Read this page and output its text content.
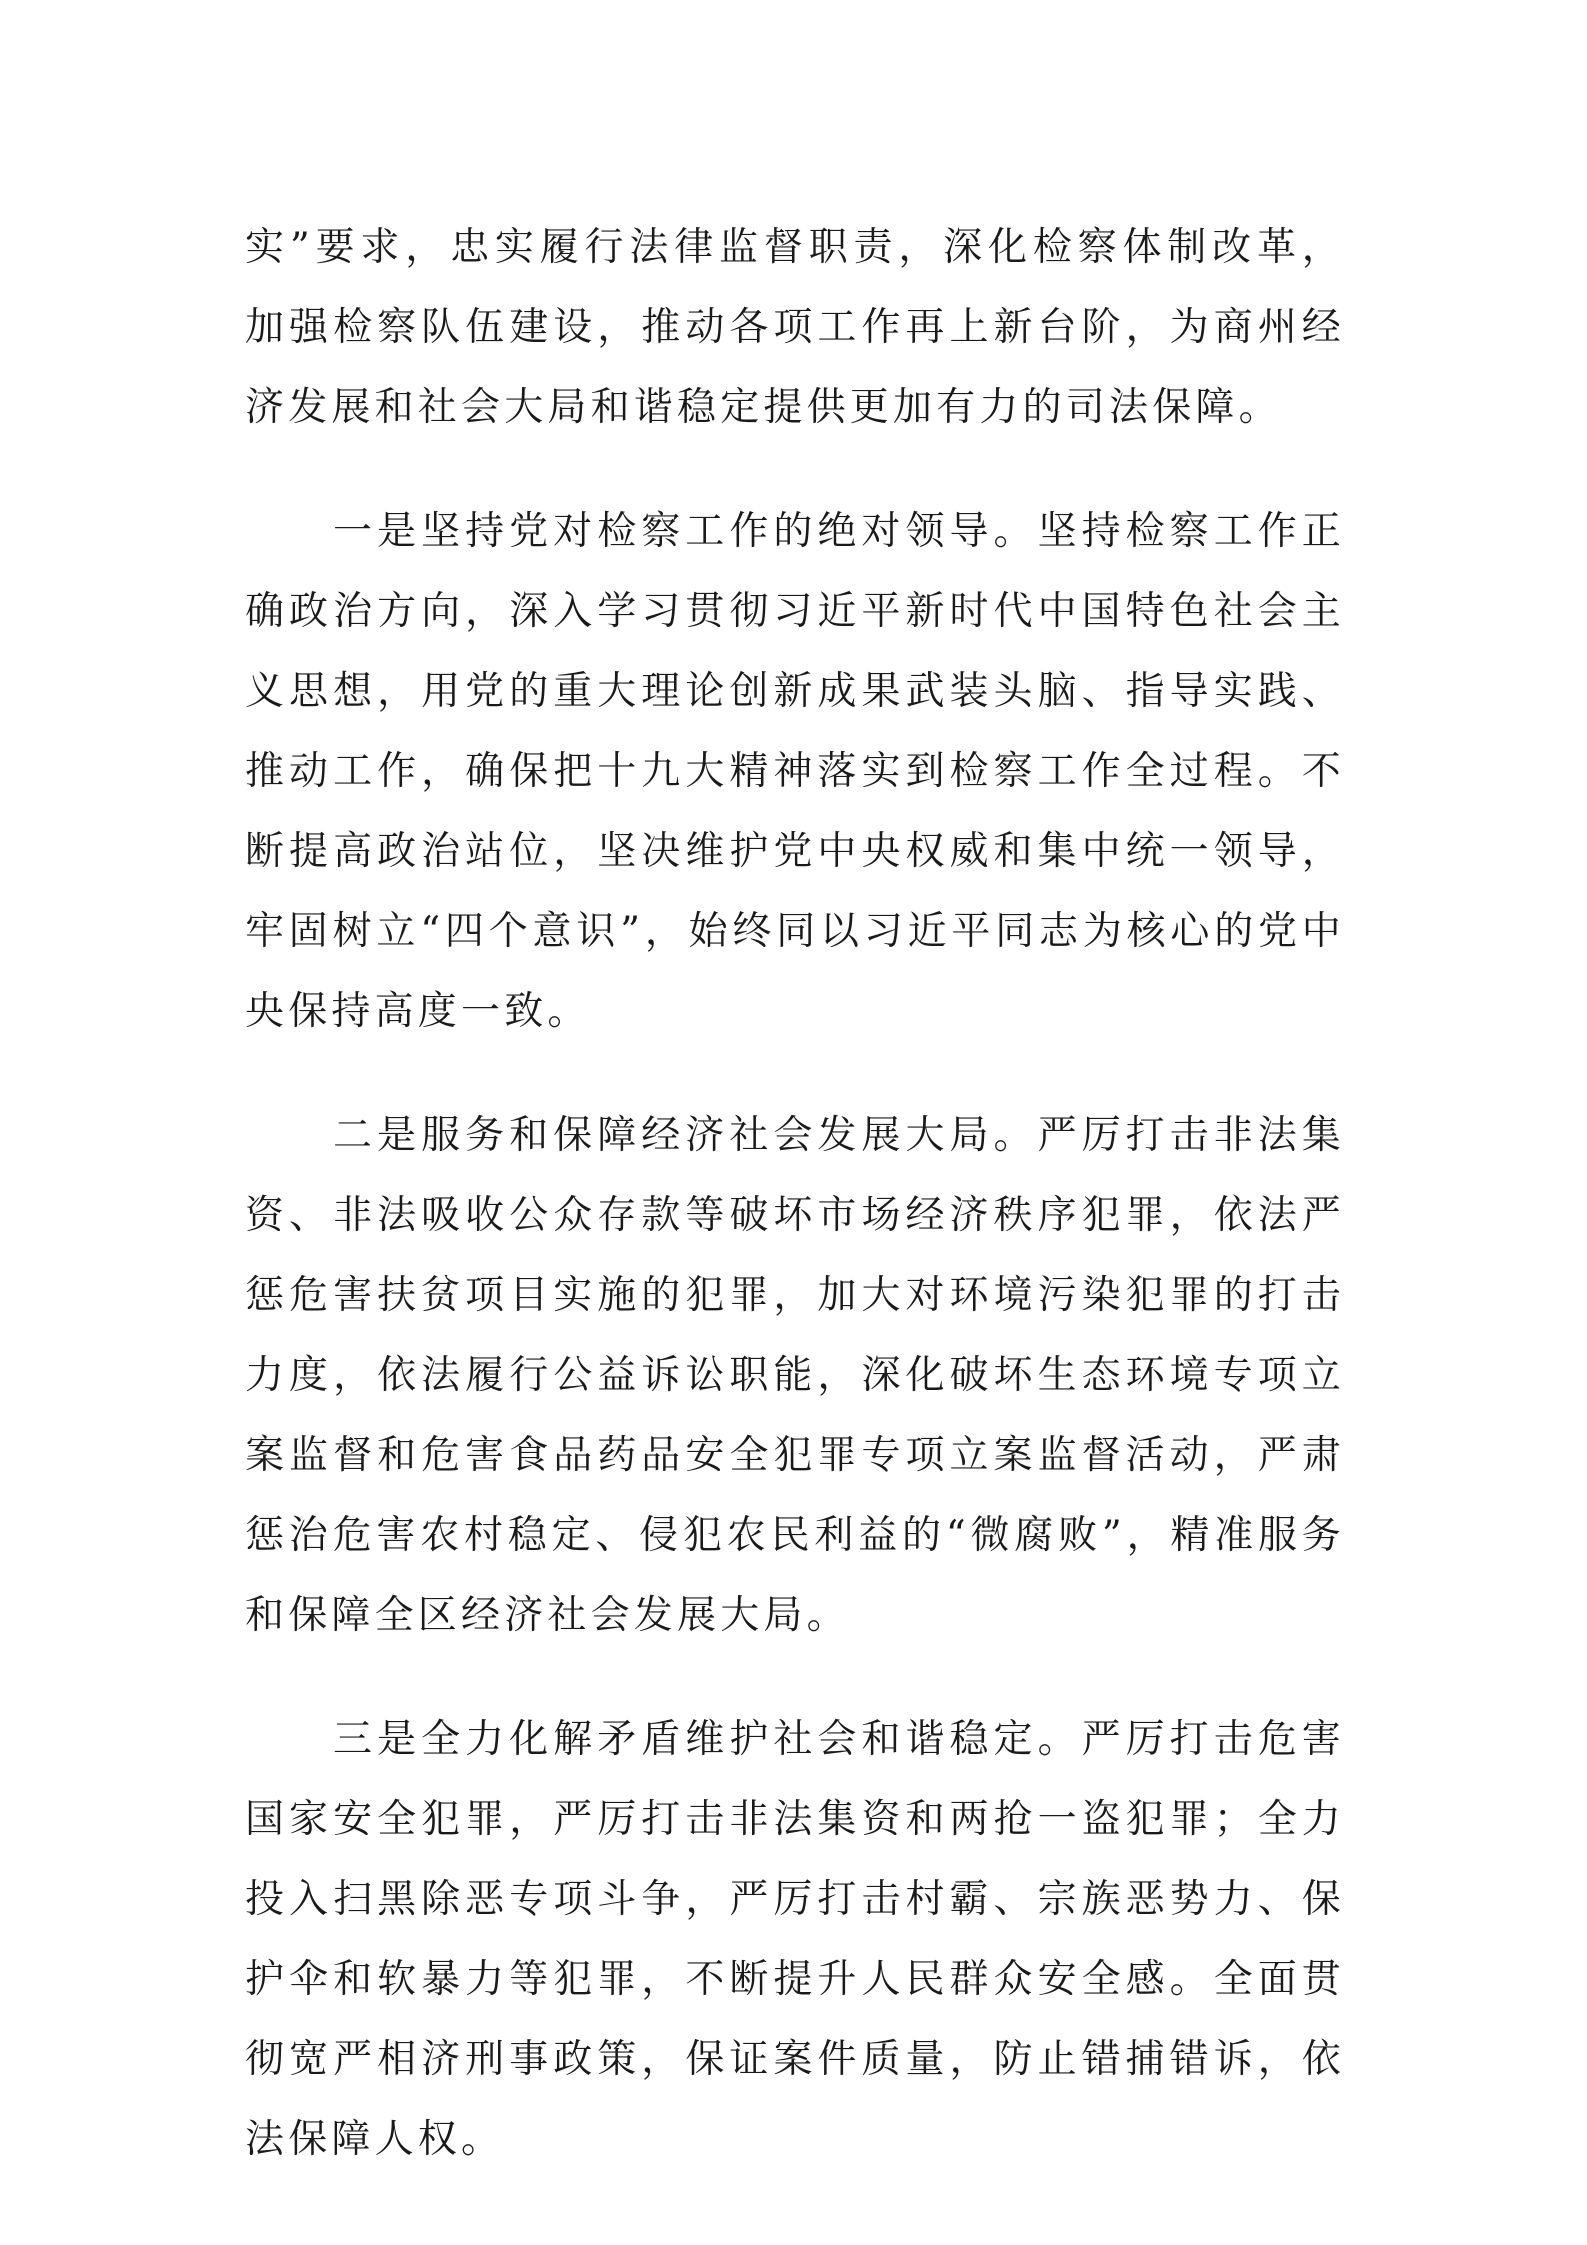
实”要求，忠实履行法律监督职责，深化检察体制改革，加强检察队伍建设，推动各项工作再上新台阶，为商州经济发展和社会大局和谐稳定提供更加有力的司法保障。

一是坚持党对检察工作的绝对领导。坚持检察工作正确政治方向，深入学习贯彻习近平新时代中国特色社会主义思想，用党的重大理论创新成果武装头脑、指导实践、推动工作，确保把十九大精神落实到检察工作全过程。不断提高政治站位，坚决维护党中央权威和集中统一领导，牢固树立“四个意识”，始终同以习近平同志为核心的党中央保持高度一致。

二是服务和保障经济社会发展大局。严厉打击非法集资、非法吸收公众存款等破坏市场经济秩序犯罪，依法严惩危害扶贫项目实施的犯罪，加大对环境污染犯罪的打击力度，依法履行公益诉讼职能，深化破坏生态环境专项立案监督和危害食品药品安全犯罪专项立案监督活动，严肃惩治危害农村稳定、侵犯农民利益的“微腐败”，精准服务和保障全区经济社会发展大局。

三是全力化解矛盾维护社会和谐稳定。严厉打击危害国家安全犯罪，严厉打击非法集资和两抢一盗犯罪；全力投入扫黑除恶专项斗争，严厉打击村霸、宗族恶势力、保护伞和软暴力等犯罪，不断提升人民群众安全感。全面贯彻宽严相济刑事政策，保证案件质量，防止错捕错诉，依法保障人权。
